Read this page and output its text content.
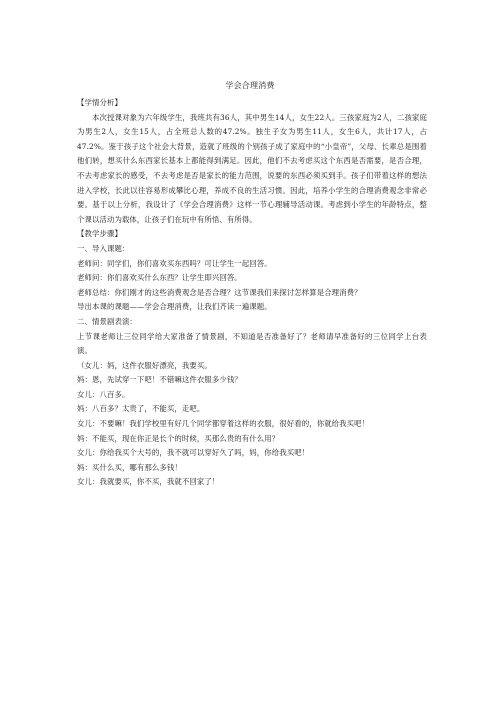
学会合理消费
【学情分析】

本次授课对象为六年级学生，我班共有36人，其中男生14人，女生22人。三孩家庭为2人，二孩家庭为男生2人，女生15人，占全班总人数的47.2%。独生子女为男生11人，女生6人，共计17人，占47.2%。鉴于孩子这个社会大背景，造就了班级的个别孩子成了家庭中的“小皇帝”，父母、长辈总是围着他们转，想买什么东西家长基本上都能得到满足。因此，他们不去考虑买这个东西是否需要，是否合理，不去考虑家长的感受，不去考虑是否是家长的能力范围，说要的东西必须买到手。孩子们带着这样的想法进入学校，长此以往容易形成攀比心理，养成不良的生活习惯。因此，培养小学生的合理消费观念非常必要。基于以上分析，我设计了《学会合理消费》这样一节心理辅导活动课。考虑到小学生的年龄特点，整个课以活动为载体，让孩子们在玩中有所悟、有所得。

【教学步骤】
一、导入课题：
老师问：同学们，你们喜欢买东西吗？可让学生一起回答。
老师问：你们喜欢买什么东西？让学生即兴回答。
老师总结：你们刚才的这些消费观念是否合理？这节课我们来探讨怎样算是合理消费？
导出本课的课题——学会合理消费，让我们齐读一遍课题。
二、情景剧表演：

上节课老师让三位同学给大家准备了情景剧，不知道是否准备好了？老师请早准备好的三位同学上台表演。

（女儿：妈，这件衣服好漂亮，我要买。
妈：恩，先试穿一下吧！不错嘛这件衣服多少钱？
女儿：八百多。
妈：八百多？太贵了，不能买，走吧。
女儿：不要嘛！我们学校里有好几个同学都穿着这样的衣服，很好看的，你就给我买吧！
妈：不能买，现在你正是长个的时候，买那么贵的有什么用？
女儿：你给我买个大号的，我不就可以穿好久了吗，妈，你给我买吧！
妈：买什么买，哪有那么多钱！
女儿：我就要买，你不买，我就不回家了！
